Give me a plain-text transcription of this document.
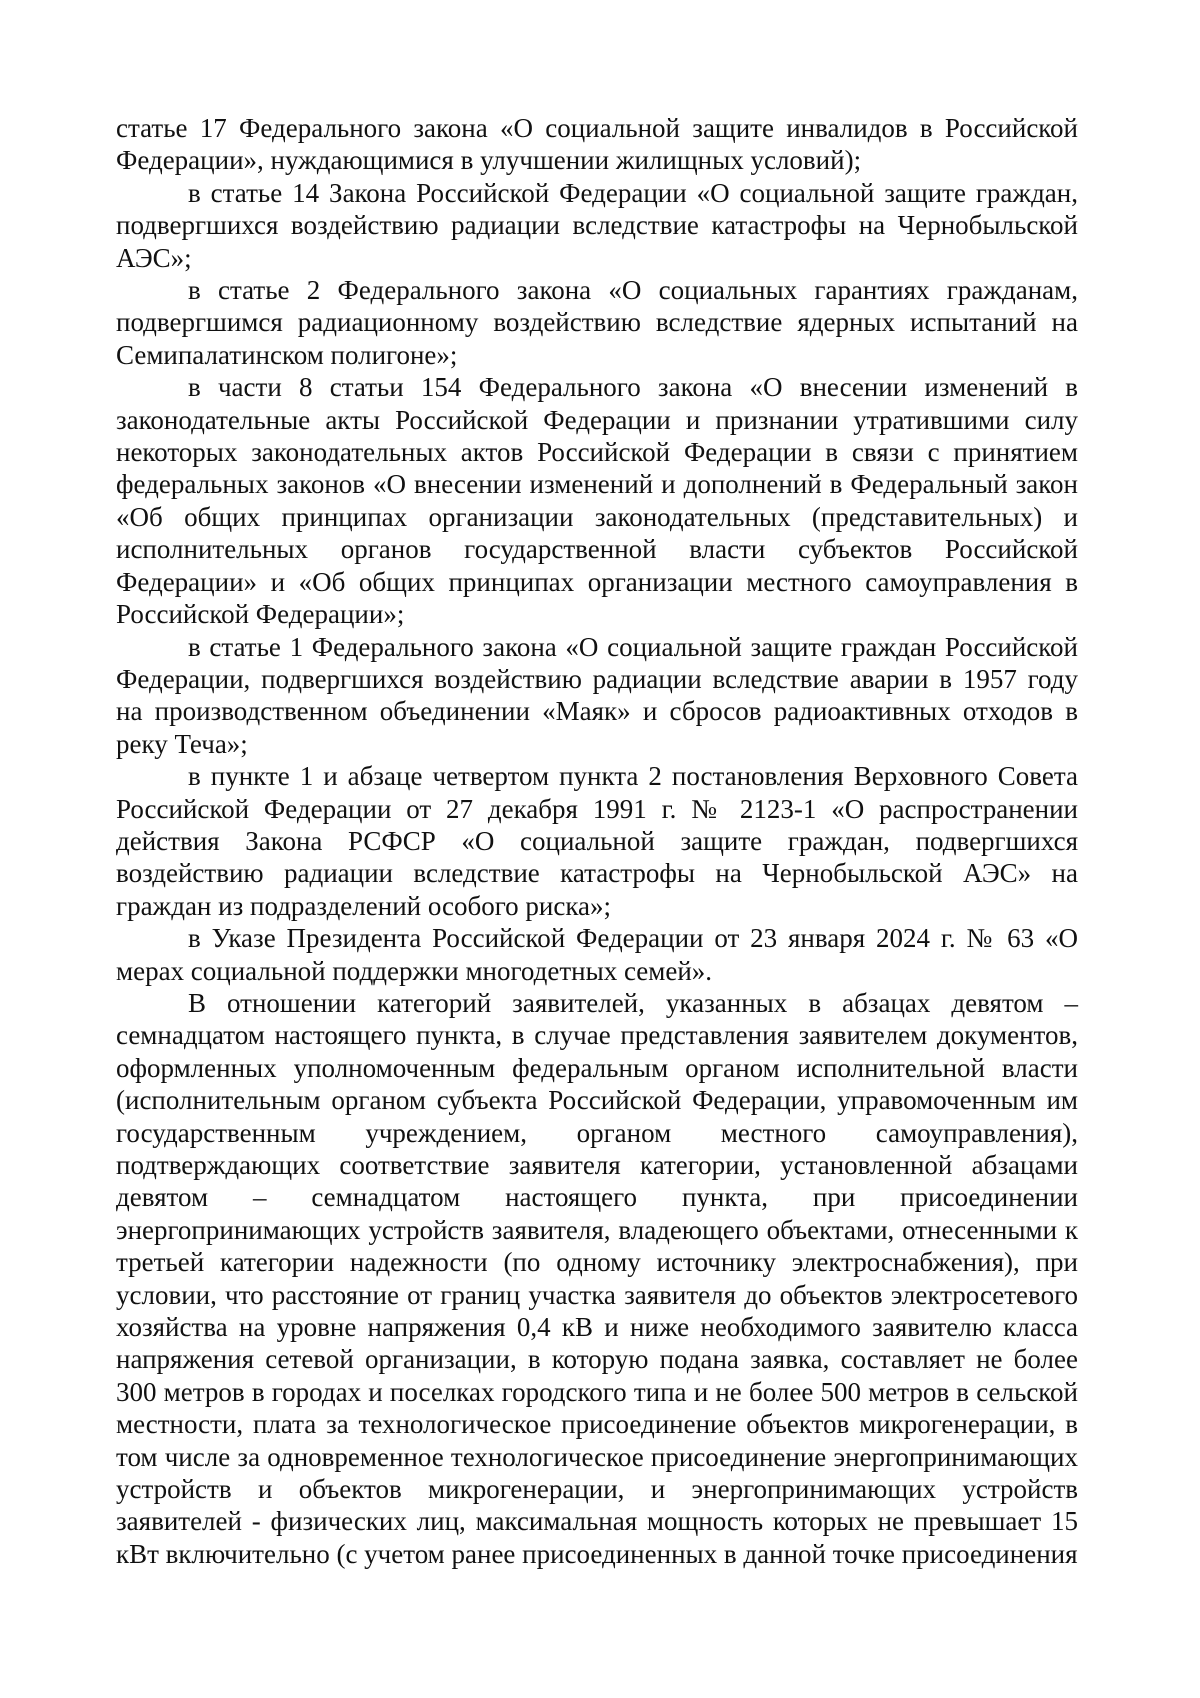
статье 17 Федерального закона «О социальной защите инвалидов в Российской Федерации», нуждающимися в улучшении жилищных условий);

в статье 14 Закона Российской Федерации «О социальной защите граждан, подвергшихся воздействию радиации вследствие катастрофы на Чернобыльской АЭС»;

в статье 2 Федерального закона «О социальных гарантиях гражданам, подвергшимся радиационному воздействию вследствие ядерных испытаний на Семипалатинском полигоне»;

в части 8 статьи 154 Федерального закона «О внесении изменений в законодательные акты Российской Федерации и признании утратившими силу некоторых законодательных актов Российской Федерации в связи с принятием федеральных законов «О внесении изменений и дополнений в Федеральный закон «Об общих принципах организации законодательных (представительных) и исполнительных органов государственной власти субъектов Российской Федерации» и «Об общих принципах организации местного самоуправления в Российской Федерации»;

в статье 1 Федерального закона «О социальной защите граждан Российской Федерации, подвергшихся воздействию радиации вследствие аварии в 1957 году на производственном объединении «Маяк» и сбросов радиоактивных отходов в реку Теча»;

в пункте 1 и абзаце четвертом пункта 2 постановления Верховного Совета Российской Федерации от 27 декабря 1991 г. № 2123-1 «О распространении действия Закона РСФСР «О социальной защите граждан, подвергшихся воздействию радиации вследствие катастрофы на Чернобыльской АЭС» на граждан из подразделений особого риска»;

в Указе Президента Российской Федерации от 23 января 2024 г. № 63 «О мерах социальной поддержки многодетных семей».

В отношении категорий заявителей, указанных в абзацах девятом – семнадцатом настоящего пункта, в случае представления заявителем документов, оформленных уполномоченным федеральным органом исполнительной власти (исполнительным органом субъекта Российской Федерации, управомоченным им государственным учреждением, органом местного самоуправления), подтверждающих соответствие заявителя категории, установленной абзацами девятом – семнадцатом настоящего пункта, при присоединении энергопринимающих устройств заявителя, владеющего объектами, отнесенными к третьей категории надежности (по одному источнику электроснабжения), при условии, что расстояние от границ участка заявителя до объектов электросетевого хозяйства на уровне напряжения 0,4 кВ и ниже необходимого заявителю класса напряжения сетевой организации, в которую подана заявка, составляет не более 300 метров в городах и поселках городского типа и не более 500 метров в сельской местности, плата за технологическое присоединение объектов микрогенерации, в том числе за одновременное технологическое присоединение энергопринимающих устройств и объектов микрогенерации, и энергопринимающих устройств заявителей - физических лиц, максимальная мощность которых не превышает 15 кВт включительно (с учетом ранее присоединенных в данной точке присоединения
